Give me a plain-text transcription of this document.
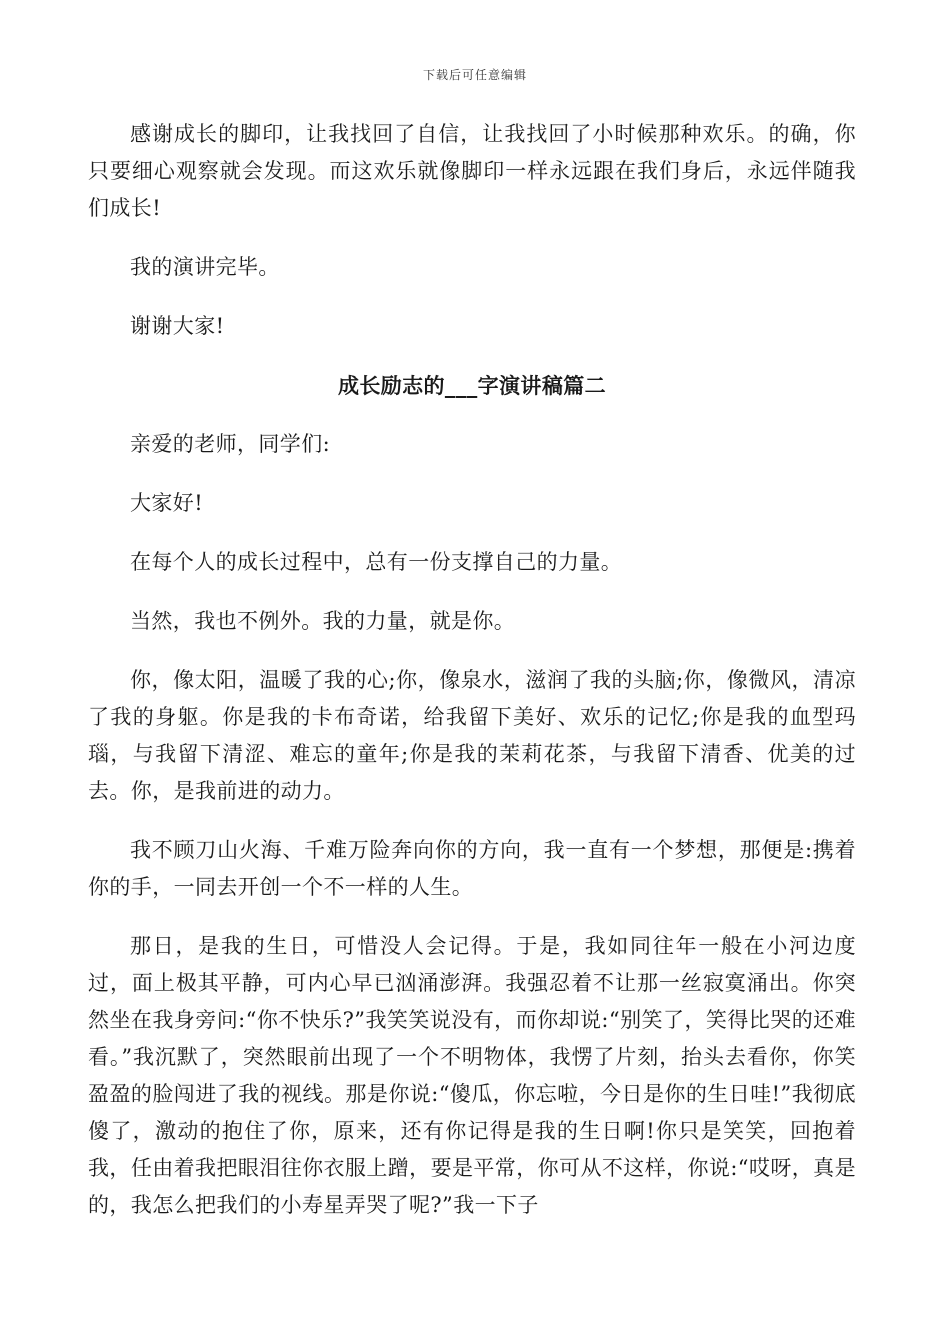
下载后可任意编辑

感谢成长的脚印，让我找回了自信，让我找回了小时候那种欢乐。的确，你只要细心观察就会发现。而这欢乐就像脚印一样永远跟在我们身后，永远伴随我们成长!

我的演讲完毕。

谢谢大家!

成长励志的___字演讲稿篇二

亲爱的老师，同学们:

大家好!

在每个人的成长过程中，总有一份支撑自己的力量。

当然，我也不例外。我的力量，就是你。

你，像太阳，温暖了我的心;你，像泉水，滋润了我的头脑;你，像微风，清凉了我的身躯。你是我的卡布奇诺，给我留下美好、欢乐的记忆;你是我的血型玛瑙，与我留下清涩、难忘的童年;你是我的茉莉花茶，与我留下清香、优美的过去。你，是我前进的动力。

我不顾刀山火海、千难万险奔向你的方向，我一直有一个梦想，那便是:携着你的手，一同去开创一个不一样的人生。

那日，是我的生日，可惜没人会记得。于是，我如同往年一般在小河边度过，面上极其平静，可内心早已汹涌澎湃。我强忍着不让那一丝寂寞涌出。你突然坐在我身旁问:“你不快乐?”我笑笑说没有，而你却说:“别笑了，笑得比哭的还难看。”我沉默了，突然眼前出现了一个不明物体，我愣了片刻，抬头去看你，你笑盈盈的脸闯进了我的视线。那是你说:“傻瓜，你忘啦，今日是你的生日哇!”我彻底傻了，激动的抱住了你，原来，还有你记得是我的生日啊!你只是笑笑，回抱着我，任由着我把眼泪往你衣服上蹭，要是平常，你可从不这样，你说:“哎呀，真是的，我怎么把我们的小寿星弄哭了呢?”我一下子
